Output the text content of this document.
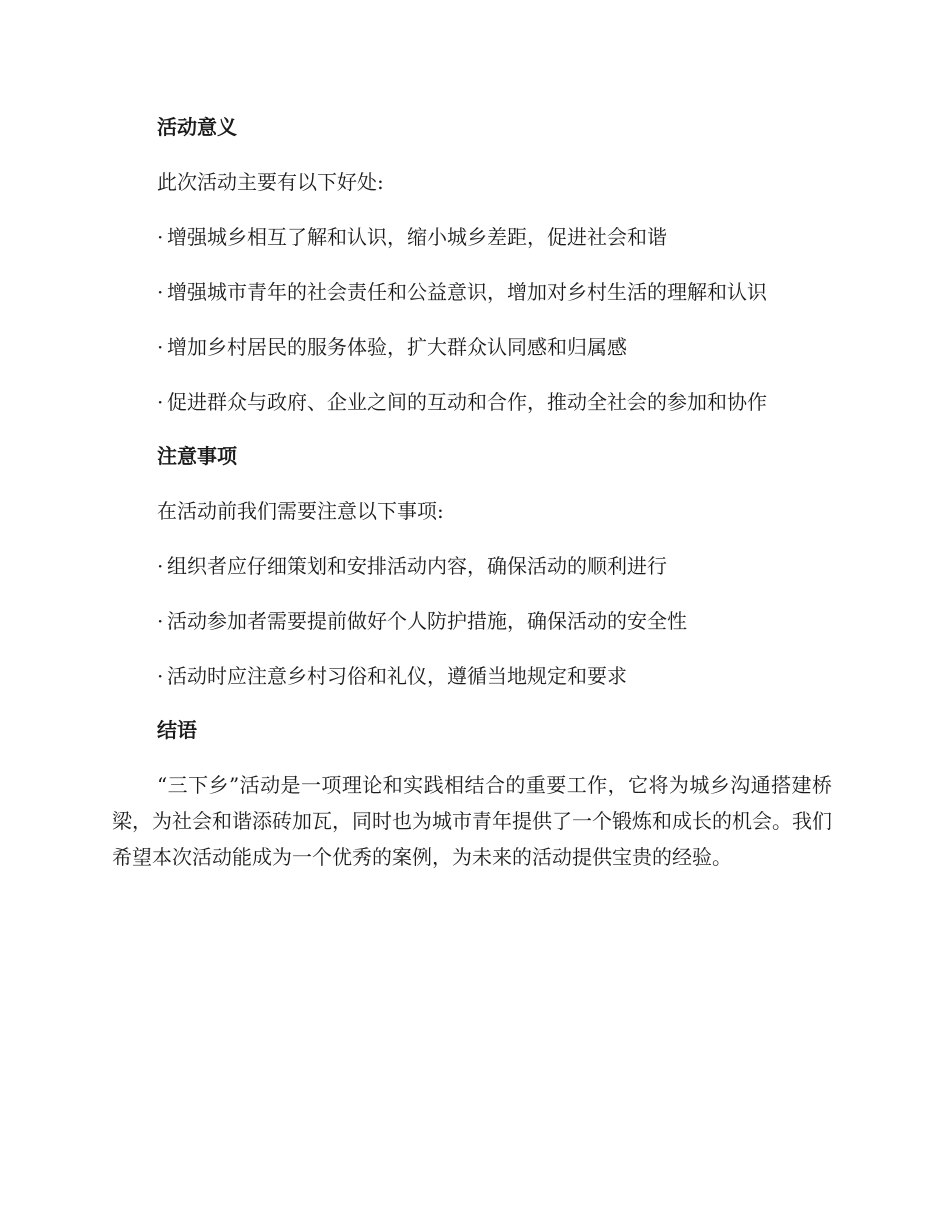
活动意义
此次活动主要有以下好处:
· 增强城乡相互了解和认识，缩小城乡差距，促进社会和谐
· 增强城市青年的社会责任和公益意识，增加对乡村生活的理解和认识
· 增加乡村居民的服务体验，扩大群众认同感和归属感
· 促进群众与政府、企业之间的互动和合作，推动全社会的参加和协作
注意事项
在活动前我们需要注意以下事项:
· 组织者应仔细策划和安排活动内容，确保活动的顺利进行
· 活动参加者需要提前做好个人防护措施，确保活动的安全性
· 活动时应注意乡村习俗和礼仪，遵循当地规定和要求
结语
“三下乡”活动是一项理论和实践相结合的重要工作，它将为城乡沟通搭建桥梁，为社会和谐添砖加瓦，同时也为城市青年提供了一个锻炼和成长的机会。我们希望本次活动能成为一个优秀的案例，为未来的活动提供宝贵的经验。
